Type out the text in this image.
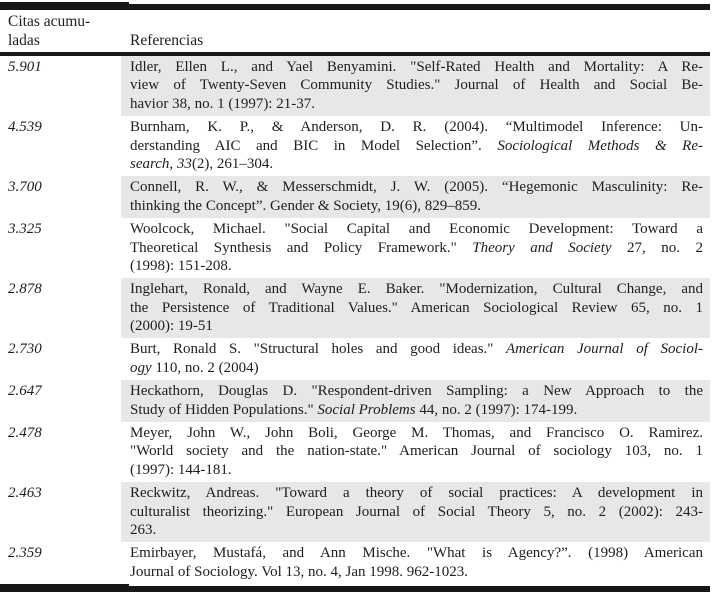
Citas acumu-
ladas	Referencias
5.901	Idler, Ellen L., and Yael Benyamini. "Self-Rated Health and Mortality: A Re-
view of Twenty-Seven Community Studies." Journal of Health and Social Be-
havior 38, no. 1 (1997): 21-37.
4.539	Burnham, K. P., & Anderson, D. R. (2004). “Multimodel Inference: Un-
derstanding AIC and BIC in Model Selection”. Sociological Methods & Re-
search, 33(2), 261–304.
3.700	Connell, R. W., & Messerschmidt, J. W. (2005). “Hegemonic Masculinity: Re-
thinking the Concept”. Gender & Society, 19(6), 829–859.
3.325	Woolcock, Michael. "Social Capital and Economic Development: Toward a
Theoretical Synthesis and Policy Framework." Theory and Society 27, no. 2
(1998): 151-208.
2.878	Inglehart, Ronald, and Wayne E. Baker. "Modernization, Cultural Change, and
the Persistence of Traditional Values." American Sociological Review 65, no. 1
(2000): 19-51
2.730	Burt, Ronald S. "Structural holes and good ideas." American Journal of Sociol-
ogy 110, no. 2 (2004)
2.647	Heckathorn, Douglas D. "Respondent-driven Sampling: a New Approach to the
Study of Hidden Populations." Social Problems 44, no. 2 (1997): 174-199.
2.478	Meyer, John W., John Boli, George M. Thomas, and Francisco O. Ramirez.
"World society and the nation-state." American Journal of sociology 103, no. 1
(1997): 144-181.
2.463	Reckwitz, Andreas. "Toward a theory of social practices: A development in
culturalist theorizing." European Journal of Social Theory 5, no. 2 (2002): 243-
263.
2.359	Emirbayer, Mustafá, and Ann Mische. "What is Agency?”. (1998) American
Journal of Sociology. Vol 13, no. 4, Jan 1998. 962-1023.
